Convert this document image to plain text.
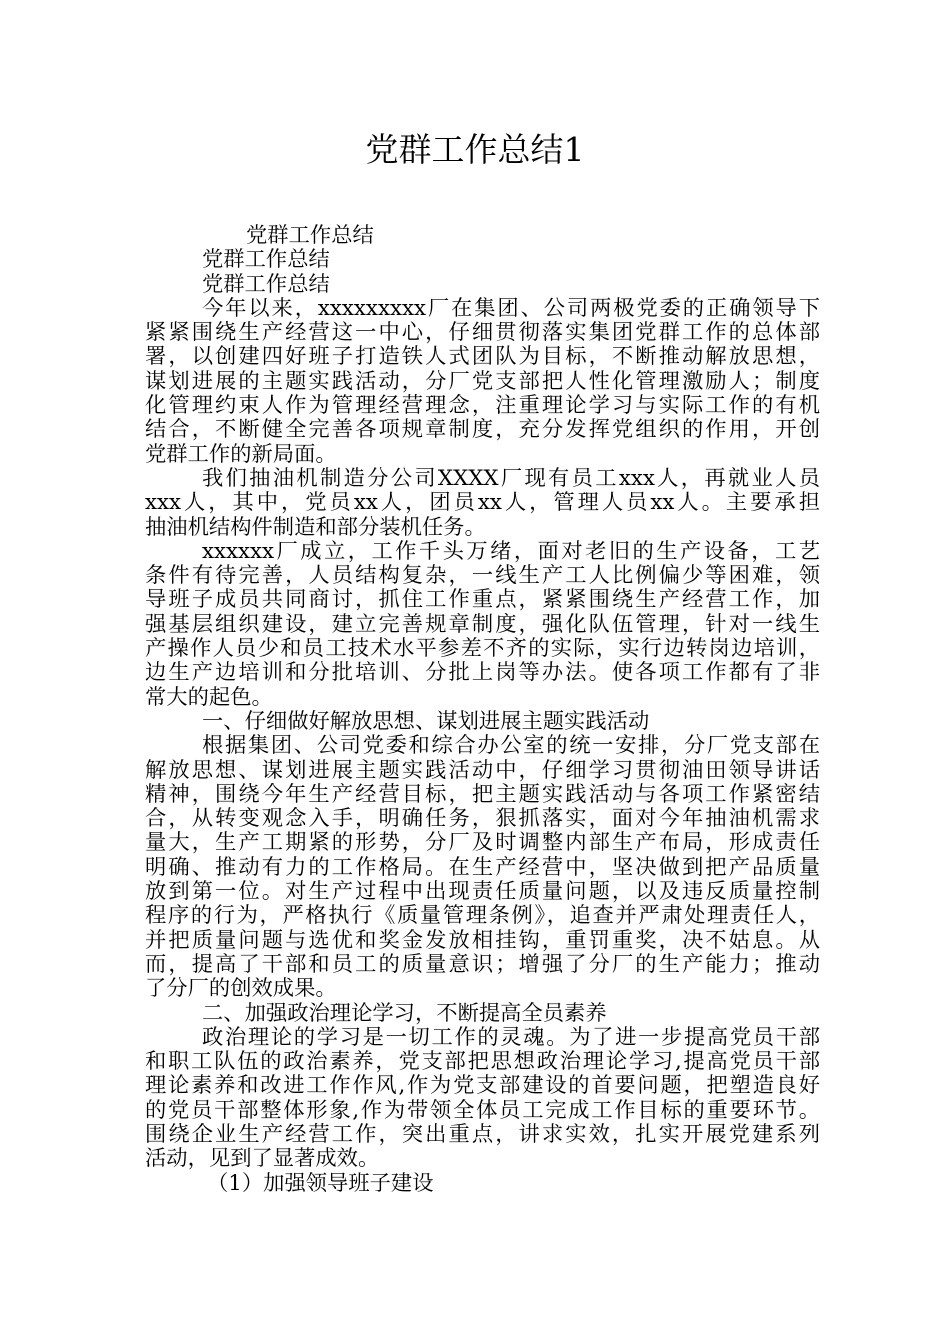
党群工作总结1
党群工作总结
党群工作总结
党群工作总结
今年以来，xxxxxxxxx厂在集团、公司两极党委的正确领导下
紧紧围绕生产经营这一中心，仔细贯彻落实集团党群工作的总体部
署，以创建四好班子打造铁人式团队为目标，不断推动解放思想，
谋划进展的主题实践活动，分厂党支部把人性化管理激励人；制度
化管理约束人作为管理经营理念，注重理论学习与实际工作的有机
结合，不断健全完善各项规章制度，充分发挥党组织的作用，开创
党群工作的新局面。
我们抽油机制造分公司XXXX厂现有员工xxx人，再就业人员
xxx人，其中，党员xx人，团员xx人，管理人员xx人。主要承担
抽油机结构件制造和部分装机任务。
xxxxxx厂成立，工作千头万绪，面对老旧的生产设备，工艺
条件有待完善，人员结构复杂，一线生产工人比例偏少等困难，领
导班子成员共同商讨，抓住工作重点，紧紧围绕生产经营工作，加
强基层组织建设，建立完善规章制度，强化队伍管理，针对一线生
产操作人员少和员工技术水平参差不齐的实际，实行边转岗边培训，
边生产边培训和分批培训、分批上岗等办法。使各项工作都有了非
常大的起色。
一、仔细做好解放思想、谋划进展主题实践活动
根据集团、公司党委和综合办公室的统一安排，分厂党支部在
解放思想、谋划进展主题实践活动中，仔细学习贯彻油田领导讲话
精神，围绕今年生产经营目标，把主题实践活动与各项工作紧密结
合，从转变观念入手，明确任务，狠抓落实，面对今年抽油机需求
量大，生产工期紧的形势，分厂及时调整内部生产布局，形成责任
明确、推动有力的工作格局。在生产经营中，坚决做到把产品质量
放到第一位。对生产过程中出现责任质量问题，以及违反质量控制
程序的行为，严格执行《质量管理条例》，追查并严肃处理责任人，
并把质量问题与选优和奖金发放相挂钩，重罚重奖，决不姑息。从
而，提高了干部和员工的质量意识；增强了分厂的生产能力；推动
了分厂的创效成果。
二、加强政治理论学习，不断提高全员素养
政治理论的学习是一切工作的灵魂。为了进一步提高党员干部
和职工队伍的政治素养，党支部把思想政治理论学习,提高党员干部
理论素养和改进工作作风,作为党支部建设的首要问题，把塑造良好
的党员干部整体形象,作为带领全体员工完成工作目标的重要环节。
围绕企业生产经营工作，突出重点，讲求实效，扎实开展党建系列
活动，见到了显著成效。
（1）加强领导班子建设
